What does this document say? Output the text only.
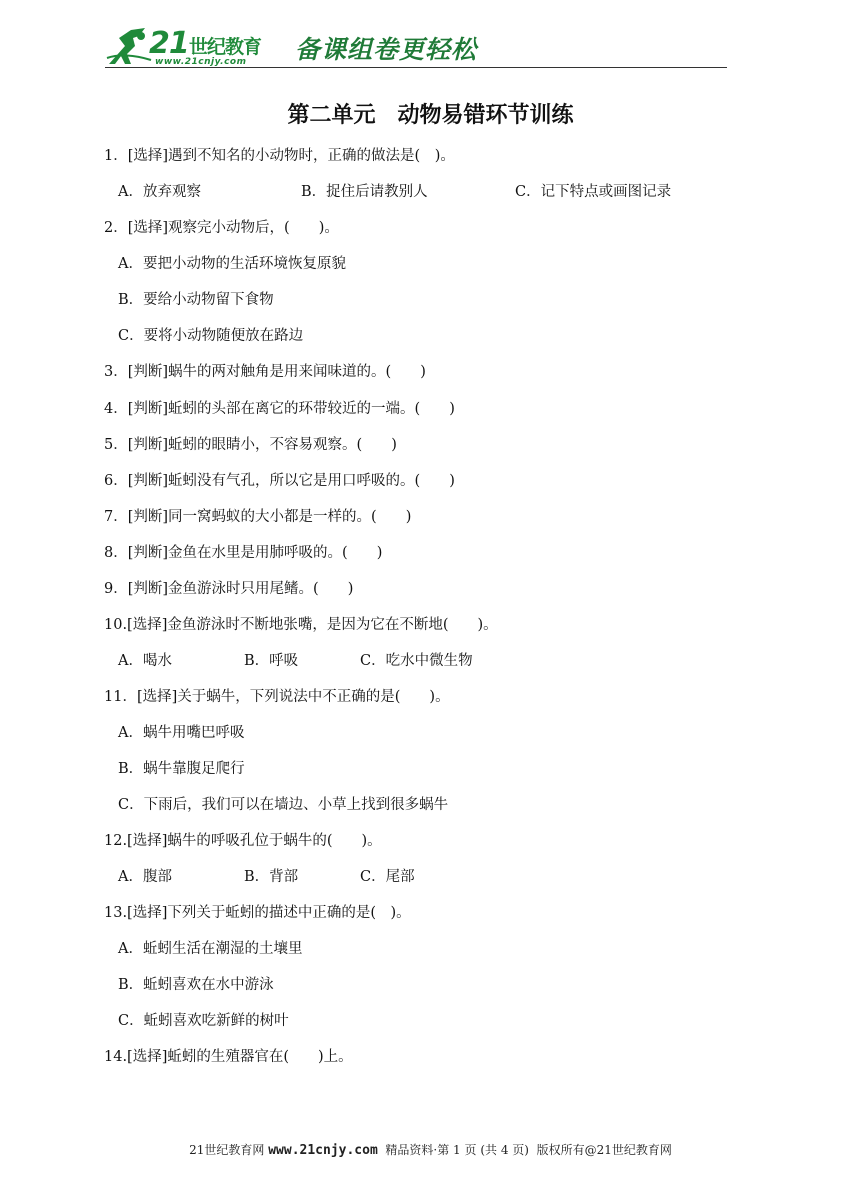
21 世纪教育
www.21cnjy.com 备课组卷更轻松
第二单元　动物易错环节训练
1．[选择]遇到不知名的小动物时，正确的做法是(　)。
A．放弃观察	B．捉住后请教别人	C．记下特点或画图记录
2．[选择]观察完小动物后，(　　)。
A．要把小动物的生活环境恢复原貌
B．要给小动物留下食物
C．要将小动物随便放在路边
3．[判断]蜗牛的两对触角是用来闻味道的。(　　)
4．[判断]蚯蚓的头部在离它的环带较近的一端。(　　)
5．[判断]蚯蚓的眼睛小，不容易观察。(　　)
6．[判断]蚯蚓没有气孔，所以它是用口呼吸的。(　　)
7．[判断]同一窝蚂蚁的大小都是一样的。(　　)
8．[判断]金鱼在水里是用肺呼吸的。(　　)
9．[判断]金鱼游泳时只用尾鳍。(　　)
10.[选择]金鱼游泳时不断地张嘴，是因为它在不断地(　　)。
A．喝水	B．呼吸	C．吃水中微生物
11．[选择]关于蜗牛，下列说法中不正确的是(　　)。
A．蜗牛用嘴巴呼吸
B．蜗牛靠腹足爬行
C．下雨后，我们可以在墙边、小草上找到很多蜗牛
12.[选择]蜗牛的呼吸孔位于蜗牛的(　　)。
A．腹部	B．背部	C．尾部
13.[选择]下列关于蚯蚓的描述中正确的是(　)。
A．蚯蚓生活在潮湿的土壤里
B．蚯蚓喜欢在水中游泳
C．蚯蚓喜欢吃新鲜的树叶
14.[选择]蚯蚓的生殖器官在(　　)上。
21世纪教育网 www.21cnjy.com  精品资料·第 1 页 (共 4 页)  版权所有@21世纪教育网
